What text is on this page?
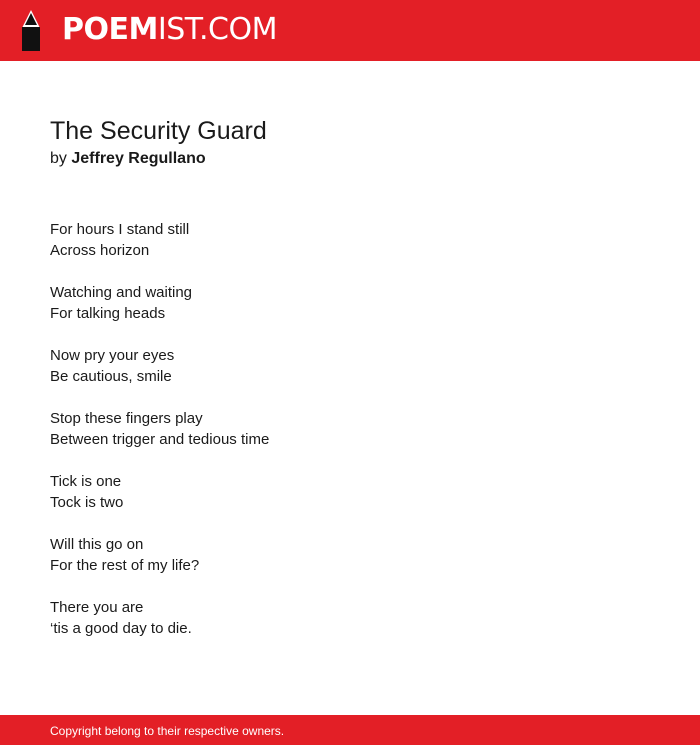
POEMIST.COM
The Security Guard
by Jeffrey Regullano
For hours I stand still
Across horizon
Watching and waiting
For talking heads
Now pry your eyes
Be cautious, smile
Stop these fingers play
Between trigger and tedious time
Tick is one
Tock is two
Will this go on
For the rest of my life?
There you are
‘tis a good day to die.
Copyright belong to their respective owners.
